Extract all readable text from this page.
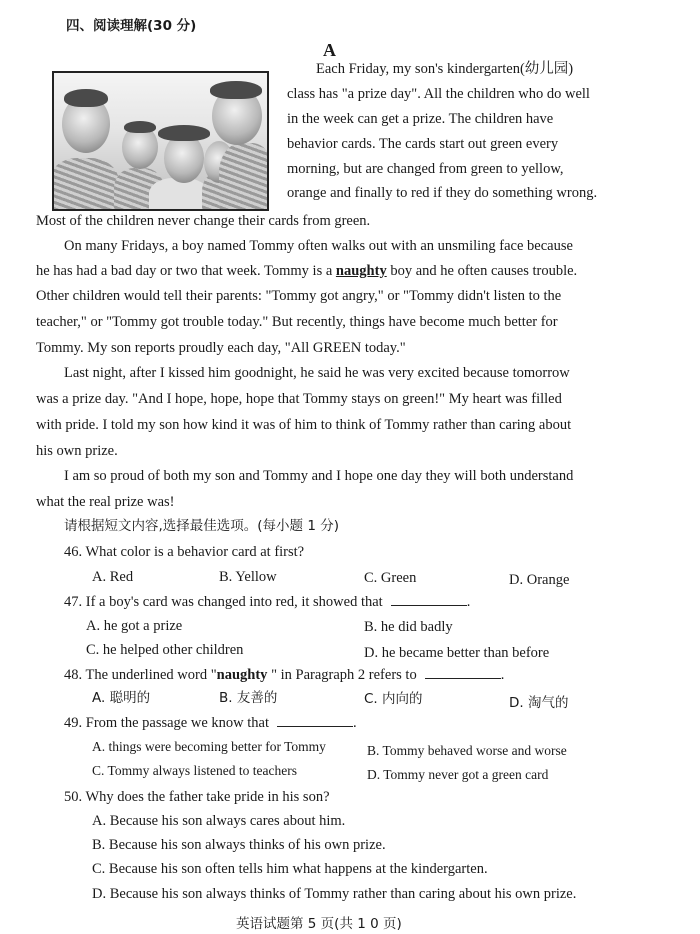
四、阅读理解(30 分)
A
Each Friday, my son's kindergarten(幼儿园)
class has "a prize day". All the children who do well
in the week can get a prize. The children have
behavior cards. The cards start out green every
morning, but are changed from green to yellow,
orange and finally to red if they do something wrong.
Most of the children never change their cards from green.
On many Fridays, a boy named Tommy often walks out with an unsmiling face because
he has had a bad day or two that week. Tommy is a naughty boy and he often causes trouble.
Other children would tell their parents: "Tommy got angry," or "Tommy didn't listen to the
teacher," or "Tommy got trouble today." But recently, things have become much better for
Tommy. My son reports proudly each day, "All GREEN today."
Last night, after I kissed him goodnight, he said he was very excited because tomorrow
was a prize day. "And I hope, hope, hope that Tommy stays on green!" My heart was filled
with pride. I told my son how kind it was of him to think of Tommy rather than caring about
his own prize.
I am so proud of both my son and Tommy and I hope one day they will both understand
what the real prize was!
请根据短文内容,选择最佳选项。(每小题 1 分)
46. What color is a behavior card at first?
A. Red	B. Yellow	C. Green	D. Orange
47. If a boy's card was changed into red, it showed that	.
A. he got a prize	B. he did badly
C. he helped other children	D. he became better than before
48. The underlined word "naughty " in Paragraph 2 refers to	.
A. 聪明的	B. 友善的	C. 内向的	D. 淘气的
49. From the passage we know that	.
A. things were becoming better for Tommy	B. Tommy behaved worse and worse
C. Tommy always listened to teachers	D. Tommy never got a green card
50. Why does the father take pride in his son?
A. Because his son always cares about him.
B. Because his son always thinks of his own prize.
C. Because his son often tells him what happens at the kindergarten.
D. Because his son always thinks of Tommy rather than caring about his own prize.
英语试题第 5 页(共 1 0 页)
